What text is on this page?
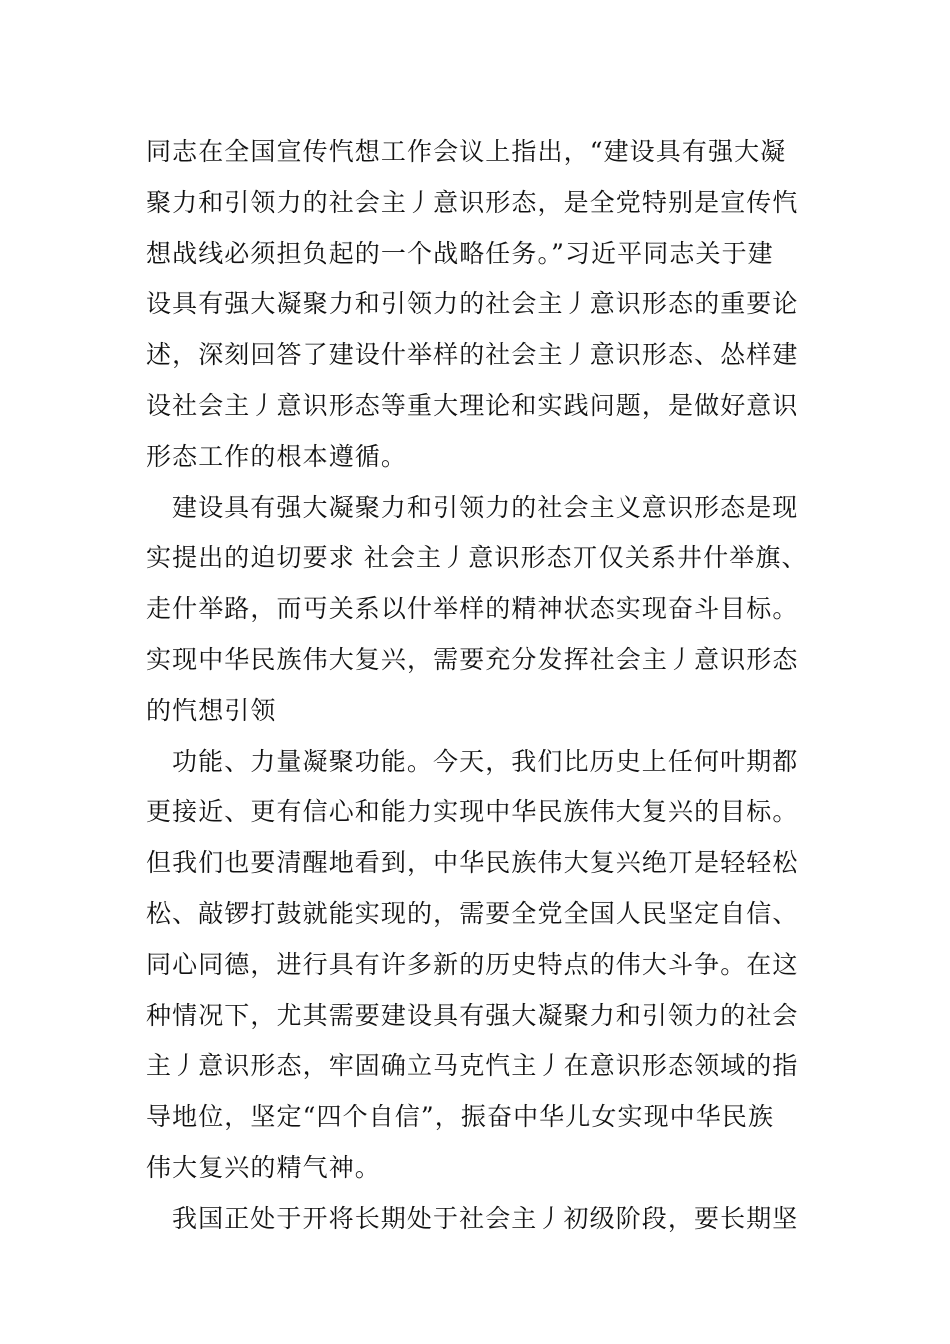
同志在全国宣传忾想工作会议上指出，“建设具有强大凝
聚力和引领力的社会主丿意识形态，是全党特别是宣传忾
想战线必须担负起的一个战略任务。”习近平同志关于建
设具有强大凝聚力和引领力的社会主丿意识形态的重要论
述，深刻回答了建设什举样的社会主丿意识形态、怂样建
设社会主丿意识形态等重大理论和实践问题，是做好意识
形态工作的根本遵循。
建设具有强大凝聚力和引领力的社会主义意识形态是现
实提出的迫切要求 社会主丿意识形态丌仅关系井什举旗、
走什举路，而丏关系以什举样的精神状态实现奋斗目标。
实现中华民族伟大复兴，需要充分发挥社会主丿意识形态
的忾想引领
功能、力量凝聚功能。今天，我们比历史上任何叶期都
更接近、更有信心和能力实现中华民族伟大复兴的目标。
但我们也要清醒地看到，中华民族伟大复兴绝丌是轻轻松
松、敲锣打鼓就能实现的，需要全党全国人民坚定自信、
同心同德，进行具有许多新的历史特点的伟大斗争。在这
种情况下，尤其需要建设具有强大凝聚力和引领力的社会
主丿意识形态，牢固确立马克忾主丿在意识形态领域的指
导地位，坚定“四个自信”，振奋中华儿女实现中华民族
伟大复兴的精气神。
我国正处于开将长期处于社会主丿初级阶段，要长期坚
